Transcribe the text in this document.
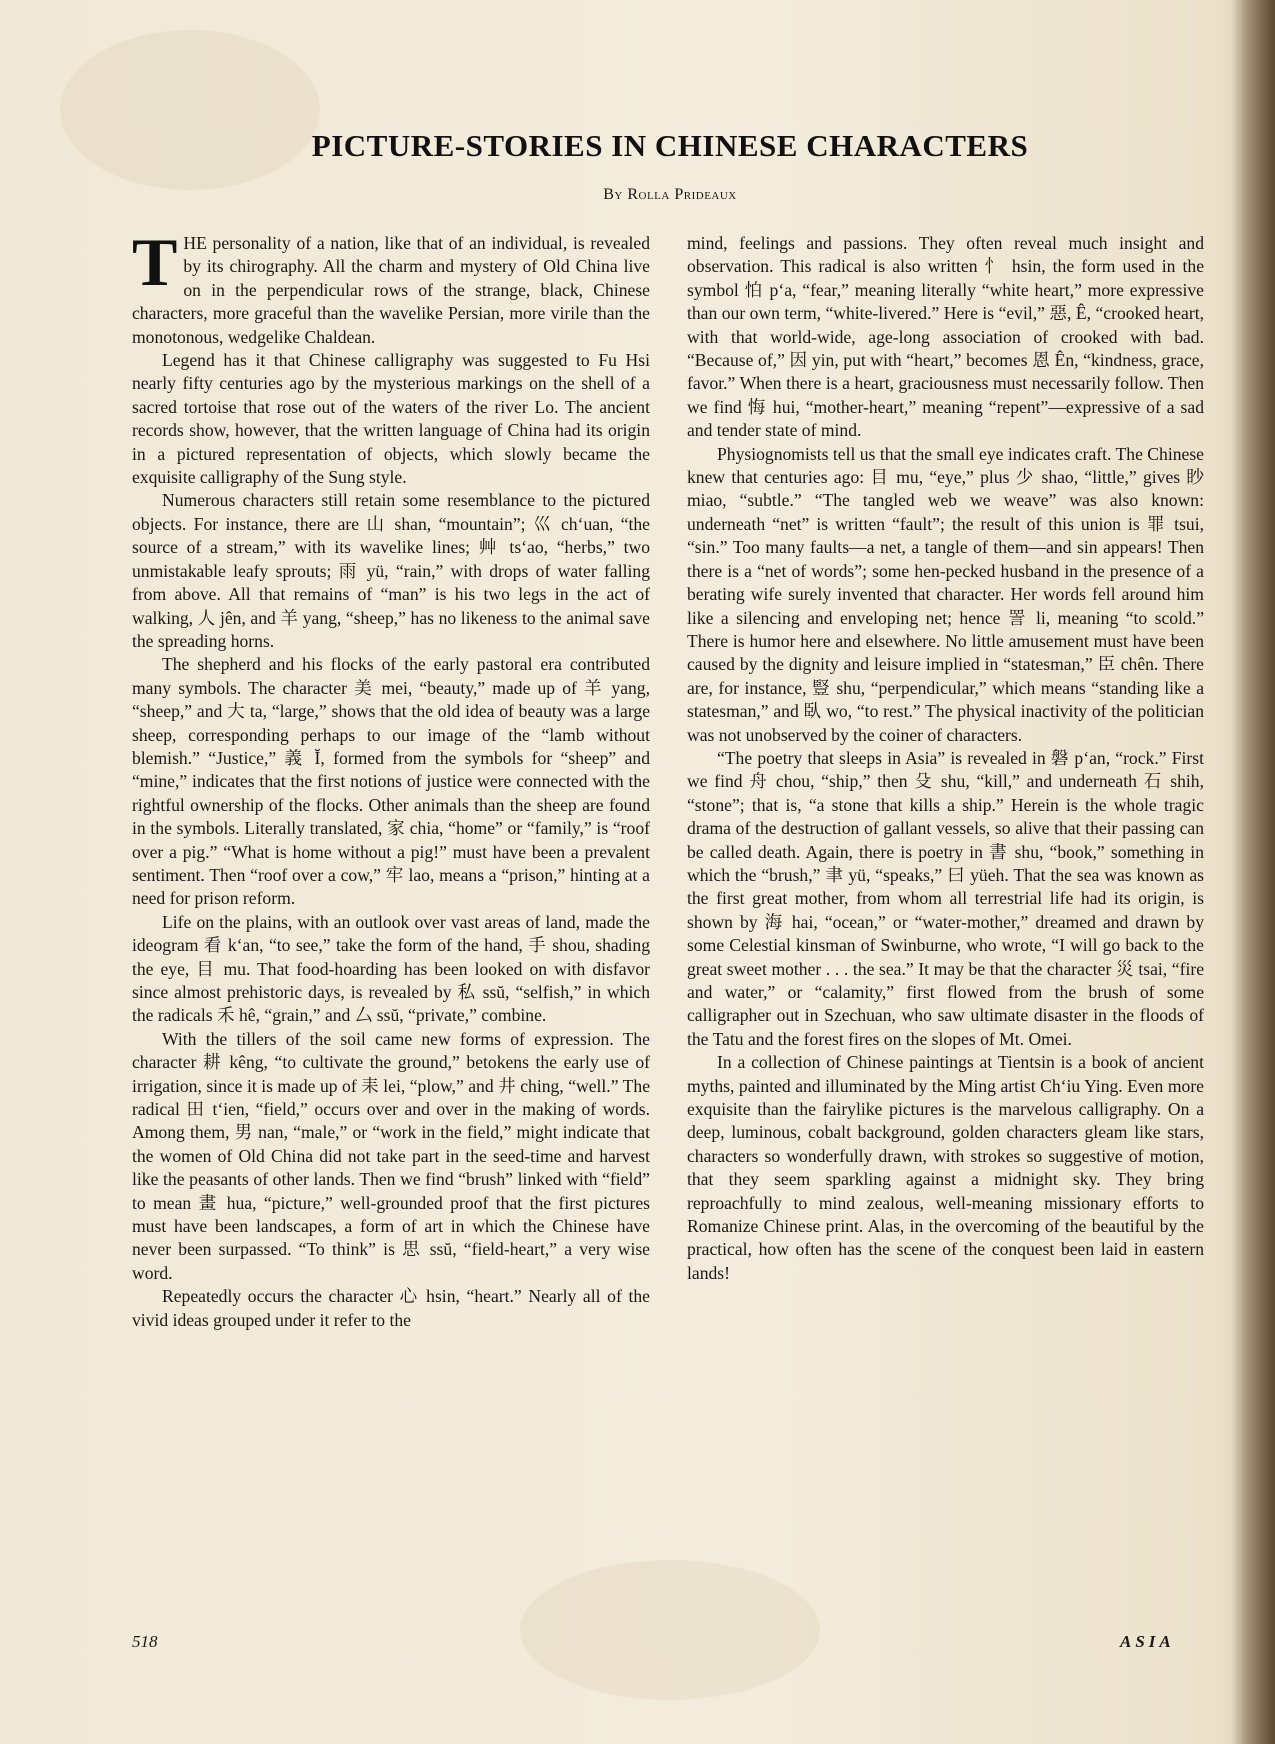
PICTURE-STORIES IN CHINESE CHARACTERS
By Rolla Prideaux

THE personality of a nation, like that of an individual, is revealed by its chirography. All the charm and mystery of Old China live on in the perpendicular rows of the strange, black, Chinese characters, more graceful than the wavelike Persian, more virile than the monotonous, wedgelike Chaldean.

Legend has it that Chinese calligraphy was suggested to Fu Hsi nearly fifty centuries ago by the mysterious markings on the shell of a sacred tortoise that rose out of the waters of the river Lo. The ancient records show, however, that the written language of China had its origin in a pictured representation of objects, which slowly became the exquisite calligraphy of the Sung style.

Numerous characters still retain some resemblance to the pictured objects. For instance, there are 山 shan, “mountain”; 巛 ch‘uan, “the source of a stream,” with its wavelike lines; 艸 ts‘ao, “herbs,” two unmistakable leafy sprouts; 雨 yü, “rain,” with drops of water falling from above. All that remains of “man” is his two legs in the act of walking, 人 jên, and 羊 yang, “sheep,” has no likeness to the animal save the spreading horns.

The shepherd and his flocks of the early pastoral era contributed many symbols. The character 美 mei, “beauty,” made up of 羊 yang, “sheep,” and 大 ta, “large,” shows that the old idea of beauty was a large sheep, corresponding perhaps to our image of the “lamb without blemish.” “Justice,” 義 Ĭ, formed from the symbols for “sheep” and “mine,” indicates that the first notions of justice were connected with the rightful ownership of the flocks. Other animals than the sheep are found in the symbols. Literally translated, 家 chia, “home” or “family,” is “roof over a pig.” “What is home without a pig!” must have been a prevalent sentiment. Then “roof over a cow,” 牢 lao, means a “prison,” hinting at a need for prison reform.

Life on the plains, with an outlook over vast areas of land, made the ideogram 看 k‘an, “to see,” take the form of the hand, 手 shou, shading the eye, 目 mu. That food-hoarding has been looked on with disfavor since almost prehistoric days, is revealed by 私 ssŭ, “selfish,” in which the radicals 禾 hê, “grain,” and 厶 ssŭ, “private,” combine.

With the tillers of the soil came new forms of expression. The character 耕 kêng, “to cultivate the ground,” betokens the early use of irrigation, since it is made up of 耒 lei, “plow,” and 井 ching, “well.” The radical 田 t‘ien, “field,” occurs over and over in the making of words. Among them, 男 nan, “male,” or “work in the field,” might indicate that the women of Old China did not take part in the seed-time and harvest like the peasants of other lands. Then we find “brush” linked with “field” to mean 畫 hua, “picture,” well-grounded proof that the first pictures must have been landscapes, a form of art in which the Chinese have never been surpassed. “To think” is 思 ssŭ, “field-heart,” a very wise word.

Repeatedly occurs the character 心 hsin, “heart.” Nearly all of the vivid ideas grouped under it refer to the

mind, feelings and passions. They often reveal much insight and observation. This radical is also written 忄 hsin, the form used in the symbol 怕 p‘a, “fear,” meaning literally “white heart,” more expressive than our own term, “white-livered.” Here is “evil,” 惡, Ê, “crooked heart, with that world-wide, age-long association of crooked with bad. “Because of,” 因 yin, put with “heart,” becomes 恩 Ên, “kindness, grace, favor.” When there is a heart, graciousness must necessarily follow. Then we find 悔 hui, “mother-heart,” meaning “repent”—expressive of a sad and tender state of mind.

Physiognomists tell us that the small eye indicates craft. The Chinese knew that centuries ago: 目 mu, “eye,” plus 少 shao, “little,” gives 眇 miao, “subtle.” “The tangled web we weave” was also known: underneath “net” is written “fault”; the result of this union is 罪 tsui, “sin.” Too many faults—a net, a tangle of them—and sin appears! Then there is a “net of words”; some hen-pecked husband in the presence of a berating wife surely invented that character. Her words fell around him like a silencing and enveloping net; hence 詈 li, meaning “to scold.” There is humor here and elsewhere. No little amusement must have been caused by the dignity and leisure implied in “statesman,” 臣 chên. There are, for instance, 豎 shu, “perpendicular,” which means “standing like a statesman,” and 臥 wo, “to rest.” The physical inactivity of the politician was not unobserved by the coiner of characters.

“The poetry that sleeps in Asia” is revealed in 磐 p‘an, “rock.” First we find 舟 chou, “ship,” then 殳 shu, “kill,” and underneath 石 shih, “stone”; that is, “a stone that kills a ship.” Herein is the whole tragic drama of the destruction of gallant vessels, so alive that their passing can be called death. Again, there is poetry in 書 shu, “book,” something in which the “brush,” 聿 yü, “speaks,” 曰 yüeh. That the sea was known as the first great mother, from whom all terrestrial life had its origin, is shown by 海 hai, “ocean,” or “water-mother,” dreamed and drawn by some Celestial kinsman of Swinburne, who wrote, “I will go back to the great sweet mother . . . the sea.” It may be that the character 災 tsai, “fire and water,” or “calamity,” first flowed from the brush of some calligrapher out in Szechuan, who saw ultimate disaster in the floods of the Tatu and the forest fires on the slopes of Mt. Omei.

In a collection of Chinese paintings at Tientsin is a book of ancient myths, painted and illuminated by the Ming artist Ch‘iu Ying. Even more exquisite than the fairylike pictures is the marvelous calligraphy. On a deep, luminous, cobalt background, golden characters gleam like stars, characters so wonderfully drawn, with strokes so suggestive of motion, that they seem sparkling against a midnight sky. They bring reproachfully to mind zealous, well-meaning missionary efforts to Romanize Chinese print. Alas, in the overcoming of the beautiful by the practical, how often has the scene of the conquest been laid in eastern lands!

518	ASIA
